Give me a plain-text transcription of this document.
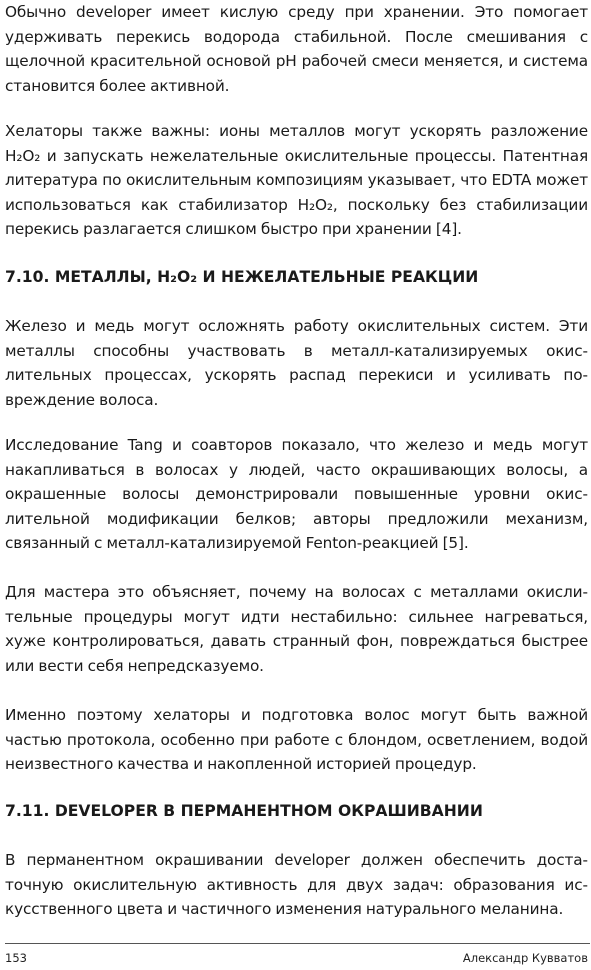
Обычно developer имеет кислую среду при хранении. Это помогает удерживать перекись водорода стабильной. После смешивания с щелочной красительной основой pH рабочей смеси меняется, и система становится более активной.

Хелаторы также важны: ионы металлов могут ускорять разложение H₂O₂ и запускать нежелательные окислительные процессы. Патентная литература по окислительным композициям указывает, что EDTA может использоваться как стабилизатор H₂O₂, поскольку без стабилизации перекись разлагается слишком быстро при хранении [4].

7.10. МЕТАЛЛЫ, H₂O₂ И НЕЖЕЛАТЕЛЬНЫЕ РЕАКЦИИ

Железо и медь могут осложнять работу окислительных систем. Эти металлы способны участвовать в металл-катализируемых окислительных процессах, ускорять распад перекиси и усиливать повреждение волоса.

Исследование Tang и соавторов показало, что железо и медь могут накапливаться в волосах у людей, часто окрашивающих волосы, а окрашенные волосы демонстрировали повышенные уровни окислительной модификации белков; авторы предложили механизм, связанный с металл-катализируемой Fenton-реакцией [5].

Для мастера это объясняет, почему на волосах с металлами окислительные процедуры могут идти нестабильно: сильнее нагреваться, хуже контролироваться, давать странный фон, повреждаться быстрее или вести себя непредсказуемо.

Именно поэтому хелаторы и подготовка волос могут быть важной частью протокола, особенно при работе с блондом, осветлением, водой неизвестного качества и накопленной историей процедур.

7.11. DEVELOPER В ПЕРМАНЕНТНОМ ОКРАШИВАНИИ

В перманентном окрашивании developer должен обеспечить достаточную окислительную активность для двух задач: образования искусственного цвета и частичного изменения натурального меланина.

153	Александр Кувватов
